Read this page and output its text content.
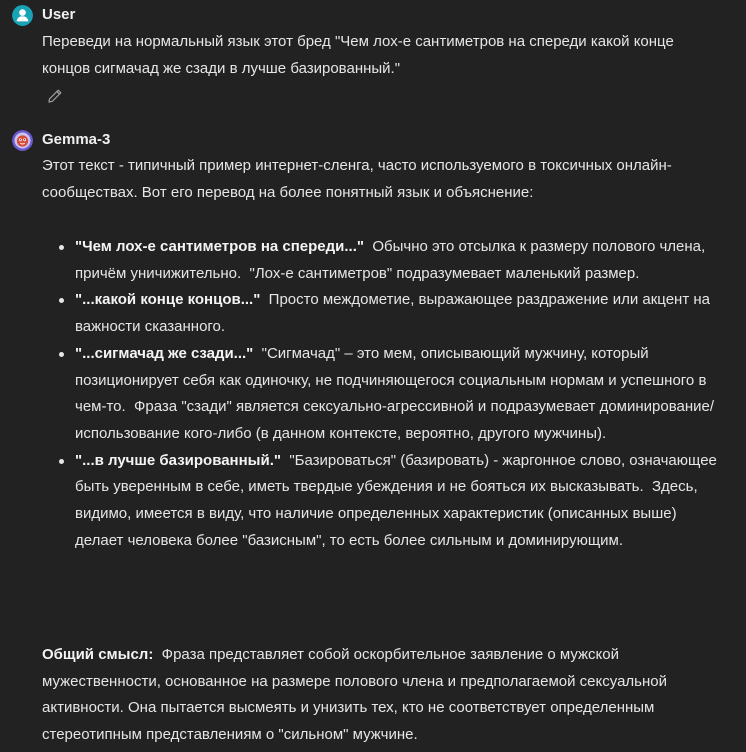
User
Переведи на нормальный язык этот бред "Чем лох-е сантиметров на спереди какой конце концов сигмачад же сзади в лучше базированный."
Gemma-3
Этот текст - типичный пример интернет-сленга, часто используемого в токсичных онлайн-сообществах. Вот его перевод на более понятный язык и объяснение:
"Чем лох-е сантиметров на спереди..."  Обычно это отсылка к размеру полового члена, причём уничижительно.  "Лох-е сантиметров" подразумевает маленький размер.
"...какой конце концов..."  Просто междометие, выражающее раздражение или акцент на важности сказанного.
"...сигмачад же сзади..."  "Сигмачад" – это мем, описывающий мужчину, который позиционирует себя как одиночку, не подчиняющегося социальным нормам и успешного в чем-то.  Фраза "сзади" является сексуально-агрессивной и подразумевает доминирование/использование кого-либо (в данном контексте, вероятно, другого мужчины).
"...в лучше базированный."  "Базироваться" (базировать) - жаргонное слово, означающее быть уверенным в себе, иметь твердые убеждения и не бояться их высказывать.  Здесь, видимо, имеется в виду, что наличие определенных характеристик (описанных выше) делает человека более "базисным", то есть более сильным и доминирующим.
Общий смысл:  Фраза представляет собой оскорбительное заявление о мужской мужественности, основанное на размере полового члена и предполагаемой сексуальной активности. Она пытается высмеять и унизить тех, кто не соответствует определенным стереотипным представлениям о "сильном" мужчине.
